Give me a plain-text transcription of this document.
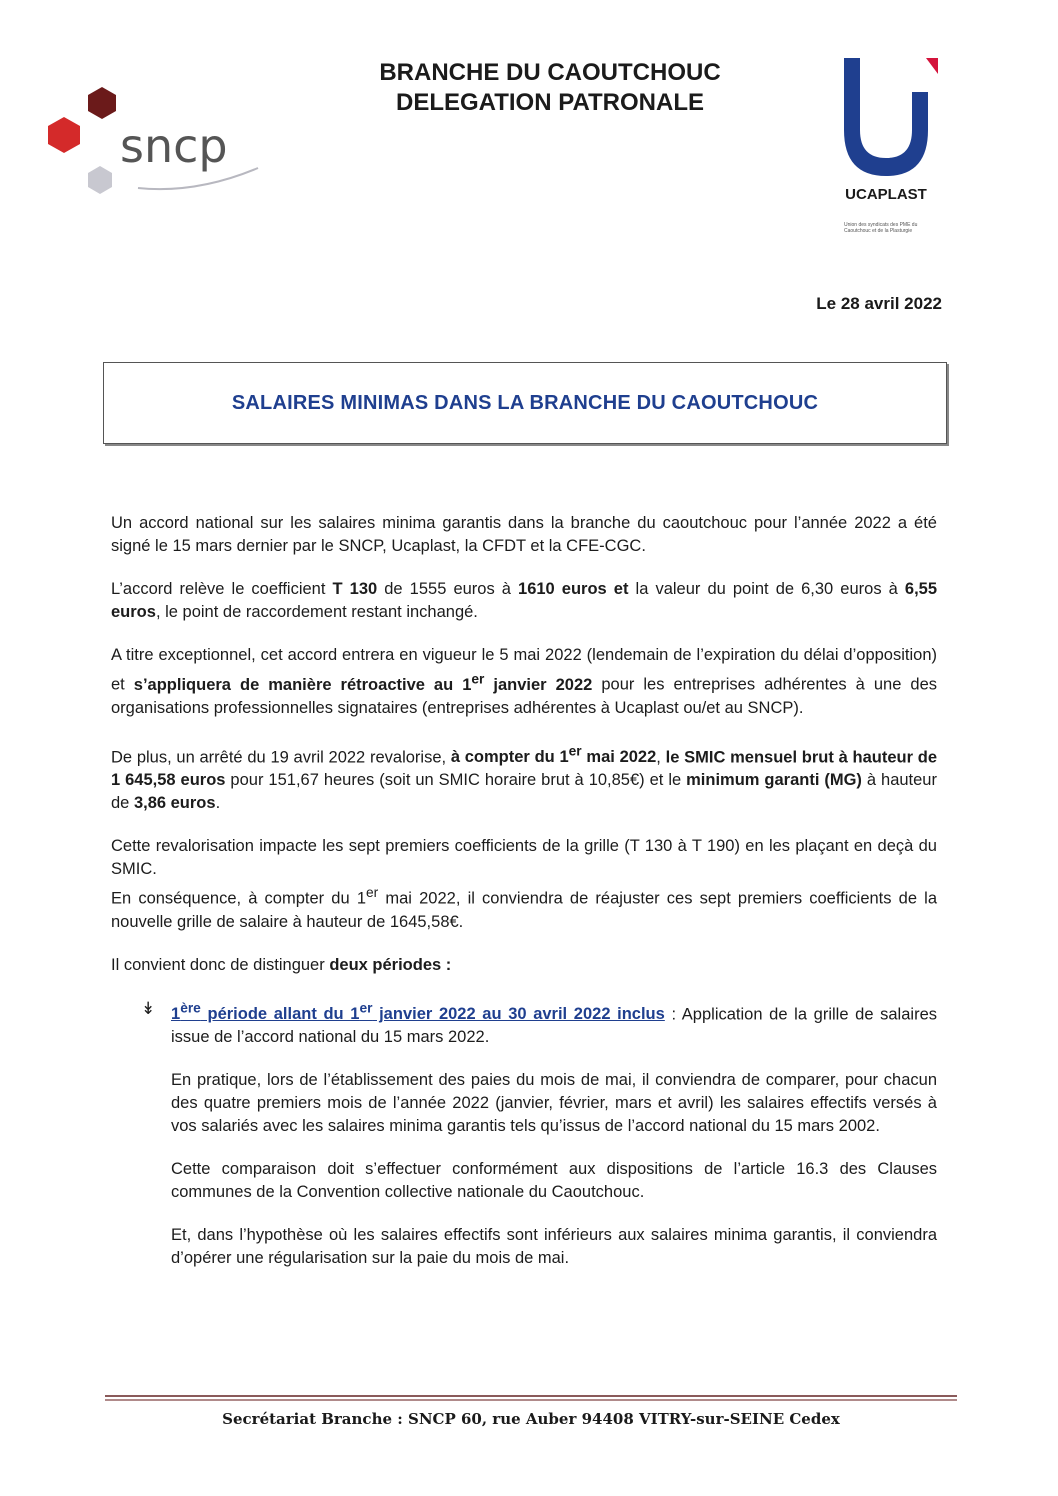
sncp
BRANCHE DU CAOUTCHOUC
DELEGATION PATRONALE
UCAPLAST
Union des syndicats des PME du Caoutchouc et de la Plasturgie
Le 28 avril 2022
SALAIRES MINIMAS DANS LA BRANCHE DU CAOUTCHOUC

Un accord national sur les salaires minima garantis dans la branche du caoutchouc pour l’année 2022 a été signé le 15 mars dernier par le SNCP, Ucaplast, la CFDT et la CFE-CGC.

L’accord relève le coefficient T 130 de 1555 euros à 1610 euros et la valeur du point de 6,30 euros à 6,55 euros, le point de raccordement restant inchangé.

A titre exceptionnel, cet accord entrera en vigueur le 5 mai 2022 (lendemain de l’expiration du délai d’opposition) et s’appliquera de manière rétroactive au 1er janvier 2022 pour les entreprises adhérentes à une des organisations professionnelles signataires (entreprises adhérentes à Ucaplast ou/et au SNCP).

De plus, un arrêté du 19 avril 2022 revalorise, à compter du 1er mai 2022, le SMIC mensuel brut à hauteur de 1 645,58 euros pour 151,67 heures (soit un SMIC horaire brut à 10,85€) et le minimum garanti (MG) à hauteur de 3,86 euros.

Cette revalorisation impacte les sept premiers coefficients de la grille (T 130 à T 190) en les plaçant en deçà du SMIC.

En conséquence, à compter du 1er mai 2022, il conviendra de réajuster ces sept premiers coefficients de la nouvelle grille de salaire à hauteur de 1645,58€.

Il convient donc de distinguer deux périodes :

↡ 1ère période allant du 1er janvier 2022 au 30 avril 2022 inclus : Application de la grille de salaires issue de l’accord national du 15 mars 2022.

En pratique, lors de l’établissement des paies du mois de mai, il conviendra de comparer, pour chacun des quatre premiers mois de l’année 2022 (janvier, février, mars et avril) les salaires effectifs versés à vos salariés avec les salaires minima garantis tels qu’issus de l’accord national du 15 mars 2002.

Cette comparaison doit s’effectuer conformément aux dispositions de l’article 16.3 des Clauses communes de la Convention collective nationale du Caoutchouc.

Et, dans l’hypothèse où les salaires effectifs sont inférieurs aux salaires minima garantis, il conviendra d’opérer une régularisation sur la paie du mois de mai.

Secrétariat Branche : SNCP 60, rue Auber 94408 VITRY-sur-SEINE Cedex
